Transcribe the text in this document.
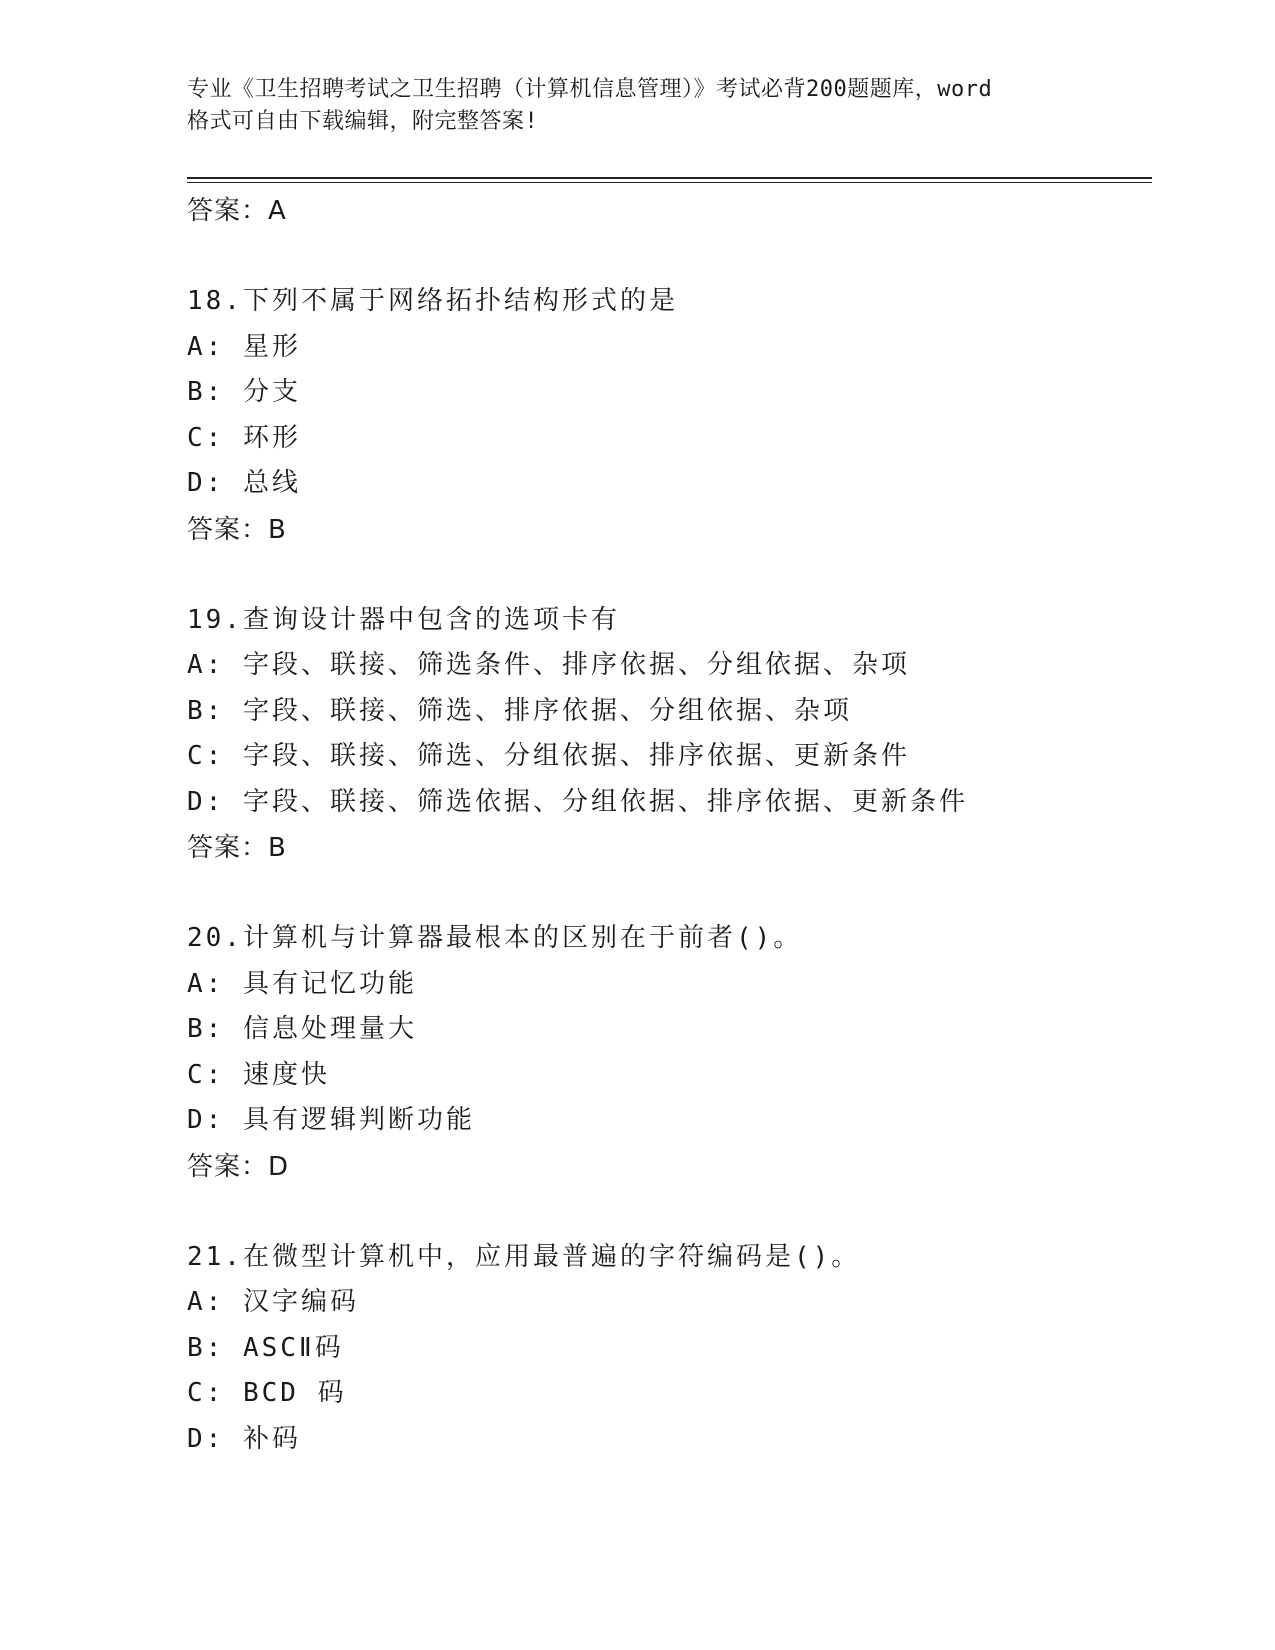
专业《卫生招聘考试之卫生招聘（计算机信息管理）》考试必背200题题库，word
格式可自由下载编辑，附完整答案!
答案：A
18.下列不属于网络拓扑结构形式的是
A: 星形
B: 分支
C: 环形
D: 总线
答案：B
19.查询设计器中包含的选项卡有
A: 字段、联接、筛选条件、排序依据、分组依据、杂项
B: 字段、联接、筛选、排序依据、分组依据、杂项
C: 字段、联接、筛选、分组依据、排序依据、更新条件
D: 字段、联接、筛选依据、分组依据、排序依据、更新条件
答案：B
20.计算机与计算器最根本的区别在于前者()。
A: 具有记忆功能
B: 信息处理量大
C: 速度快
D: 具有逻辑判断功能
答案：D
21.在微型计算机中，应用最普遍的字符编码是()。
A: 汉字编码
B: ASCⅡ码
C: BCD 码
D: 补码
